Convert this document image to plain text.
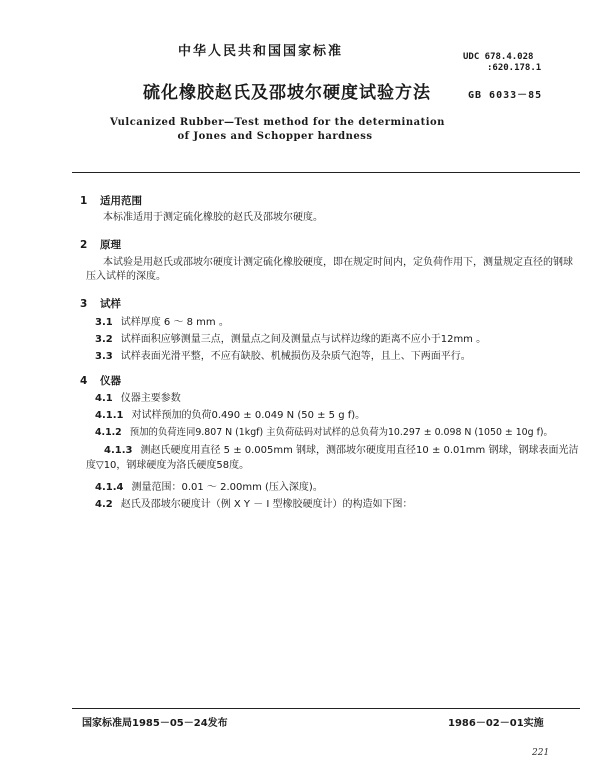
中华人民共和国国家标准	UDC 678.4.028
:620.178.1
硫化橡胶赵氏及邵坡尔硬度试验方法	GB 6033－85
Vulcanized Rubber—Test method for the determination
of Jones and Schopper hardness
1 适用范围
本标准适用于测定硫化橡胶的赵氏及邵坡尔硬度。
2 原理
本试验是用赵氏或邵坡尔硬度计测定硫化橡胶硬度，即在规定时间内，定负荷作用下，测量规定直径的钢球压入试样的深度。
3 试样
3.1 试样厚度 6 ～ 8 mm 。
3.2 试样面积应够测量三点，测量点之间及测量点与试样边缘的距离不应小于12mm 。
3.3 试样表面光滑平整，不应有缺胶、机械损伤及杂质气泡等，且上、下两面平行。
4 仪器
4.1 仪器主要参数
4.1.1 对试样预加的负荷0.490 ± 0.049 N (50 ± 5 g f)。
4.1.2 预加的负荷连同9.807 N (1kgf) 主负荷砝码对试样的总负荷为10.297 ± 0.098 N (1050 ± 10g f)。
4.1.3 测赵氏硬度用直径 5 ± 0.005mm 钢球，测邵坡尔硬度用直径10 ± 0.01mm 钢球，钢球表面光洁度▽10，钢球硬度为洛氏硬度58度。
4.1.4 测量范围：0.01 ～ 2.00mm (压入深度)。
4.2 赵氏及邵坡尔硬度计（例 X Y － I 型橡胶硬度计）的构造如下图：
国家标准局1985－05－24发布	1986－02－01实施
221
